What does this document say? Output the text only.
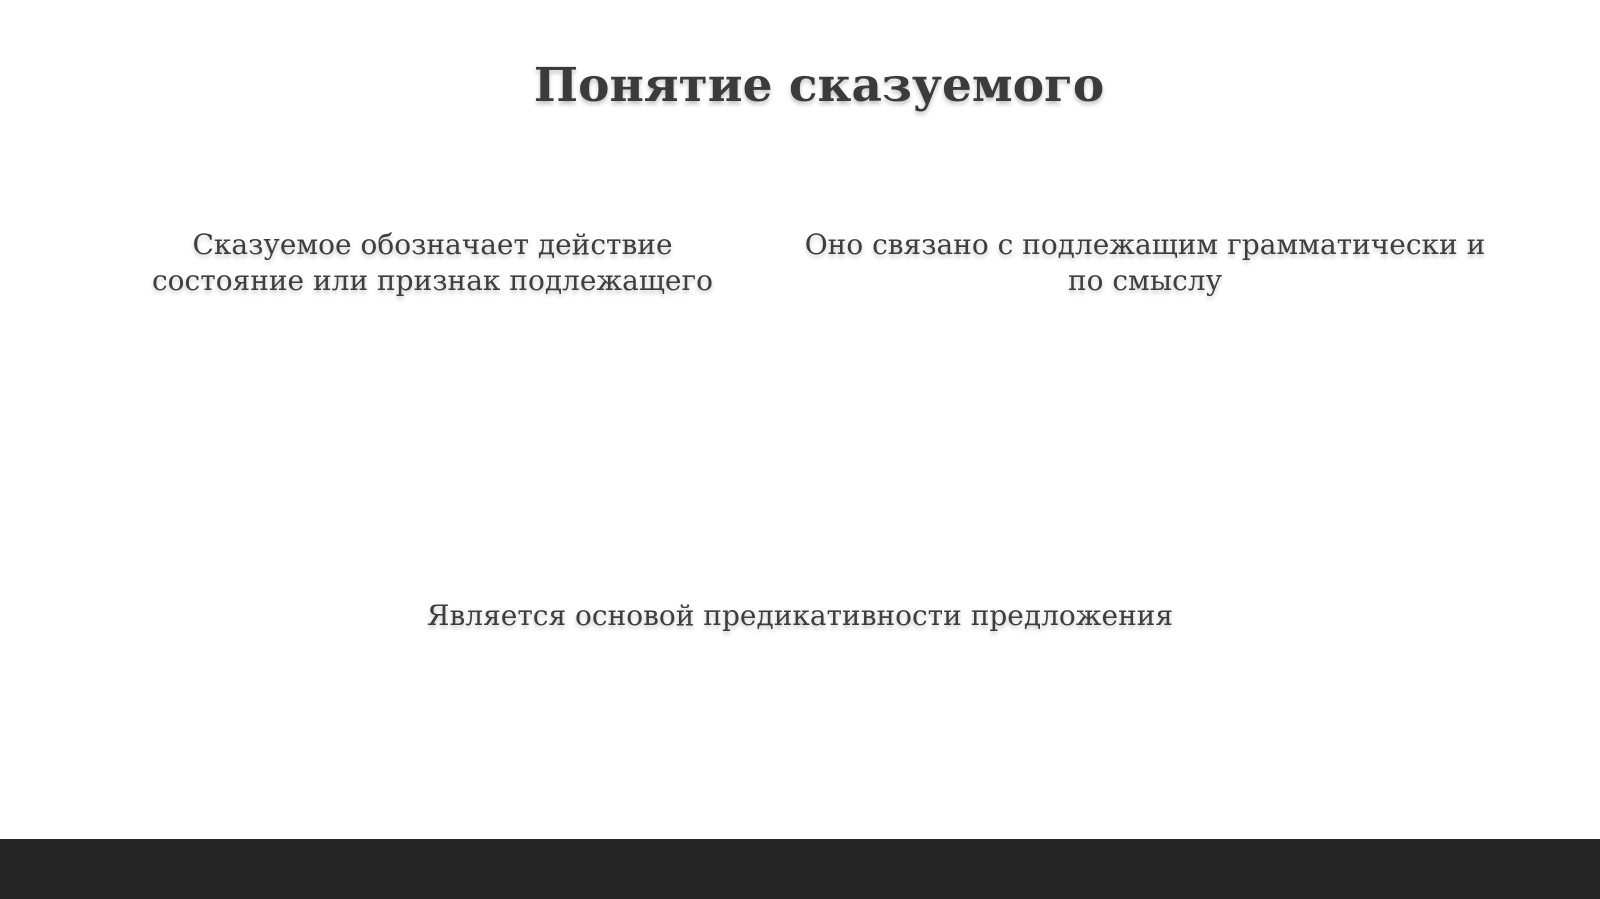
Понятие сказуемого
Сказуемое обозначает действие состояние или признак подлежащего
Оно связано с подлежащим грамматически и по смыслу
Является основой предикативности предложения
